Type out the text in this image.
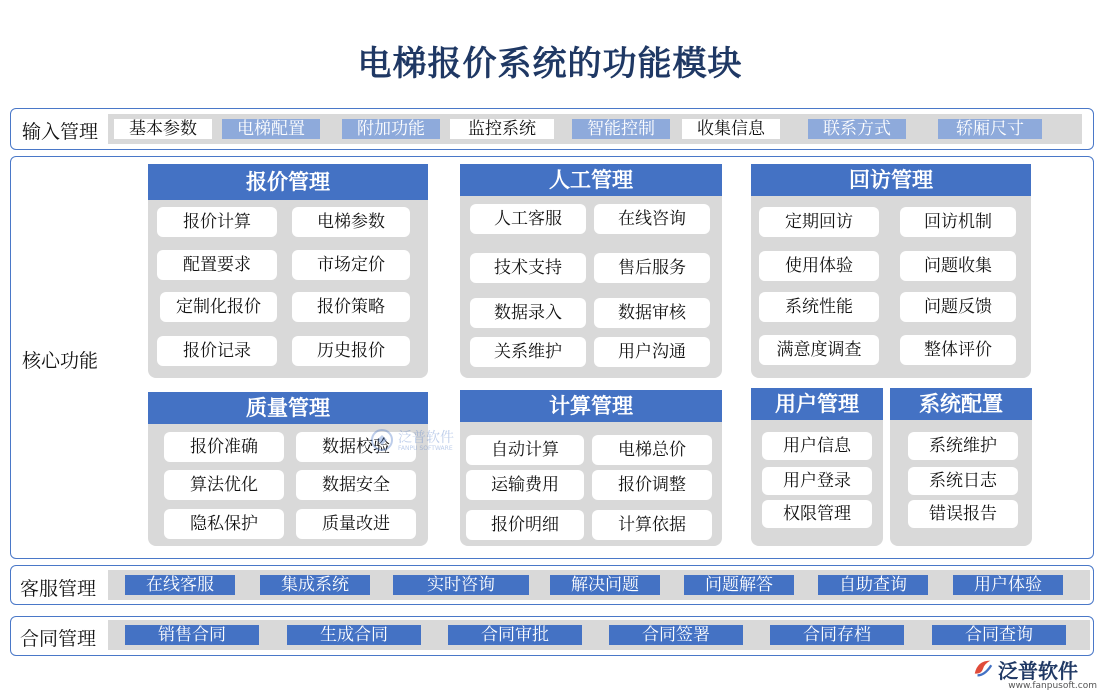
电梯报价系统的功能模块
输入管理	基本参数	电梯配置	附加功能	监控系统	智能控制	收集信息	联系方式	轿厢尺寸
核心功能
报价管理
报价计算	电梯参数
配置要求	市场定价
定制化报价	报价策略
报价记录	历史报价
人工管理
人工客服	在线咨询
技术支持	售后服务
数据录入	数据审核
关系维护	用户沟通
回访管理
定期回访	回访机制
使用体验	问题收集
系统性能	问题反馈
满意度调查	整体评价
质量管理
报价准确	数据校验
算法优化	数据安全
隐私保护	质量改进
计算管理
自动计算	电梯总价
运输费用	报价调整
报价明细	计算依据
用户管理
用户信息
用户登录
权限管理
系统配置
系统维护
系统日志
错误报告
泛普软件
FANPU SOFTWARE
客服管理	在线客服	集成系统	实时咨询	解决问题	问题解答	自助查询	用户体验
合同管理	销售合同	生成合同	合同审批	合同签署	合同存档	合同查询
泛普软件
www.fanpusoft.com
